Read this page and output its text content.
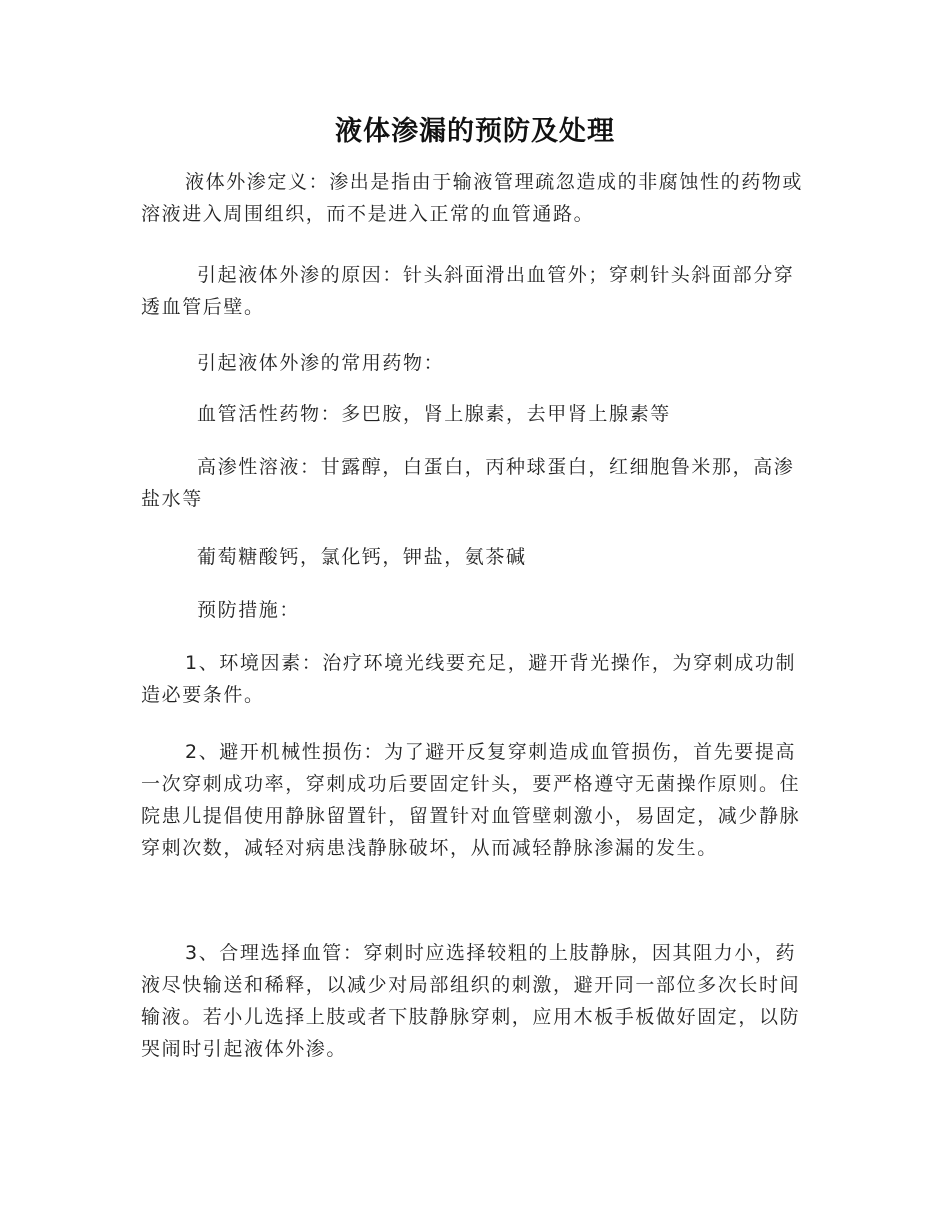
液体渗漏的预防及处理

液体外渗定义：渗出是指由于输液管理疏忽造成的非腐蚀性的药物或溶液进入周围组织，而不是进入正常的血管通路。

引起液体外渗的原因：针头斜面滑出血管外；穿刺针头斜面部分穿透血管后壁。

引起液体外渗的常用药物：

血管活性药物：多巴胺，肾上腺素，去甲肾上腺素等

高渗性溶液：甘露醇，白蛋白，丙种球蛋白，红细胞鲁米那，高渗盐水等

葡萄糖酸钙，氯化钙，钾盐，氨茶碱

预防措施：

1、环境因素：治疗环境光线要充足，避开背光操作，为穿刺成功制造必要条件。

2、避开机械性损伤：为了避开反复穿刺造成血管损伤，首先要提高一次穿刺成功率，穿刺成功后要固定针头，要严格遵守无菌操作原则。住院患儿提倡使用静脉留置针，留置针对血管壁刺激小，易固定，减少静脉穿刺次数，减轻对病患浅静脉破坏，从而减轻静脉渗漏的发生。

3、合理选择血管：穿刺时应选择较粗的上肢静脉，因其阻力小，药液尽快输送和稀释，以减少对局部组织的刺激，避开同一部位多次长时间输液。若小儿选择上肢或者下肢静脉穿刺，应用木板手板做好固定，以防哭闹时引起液体外渗。
